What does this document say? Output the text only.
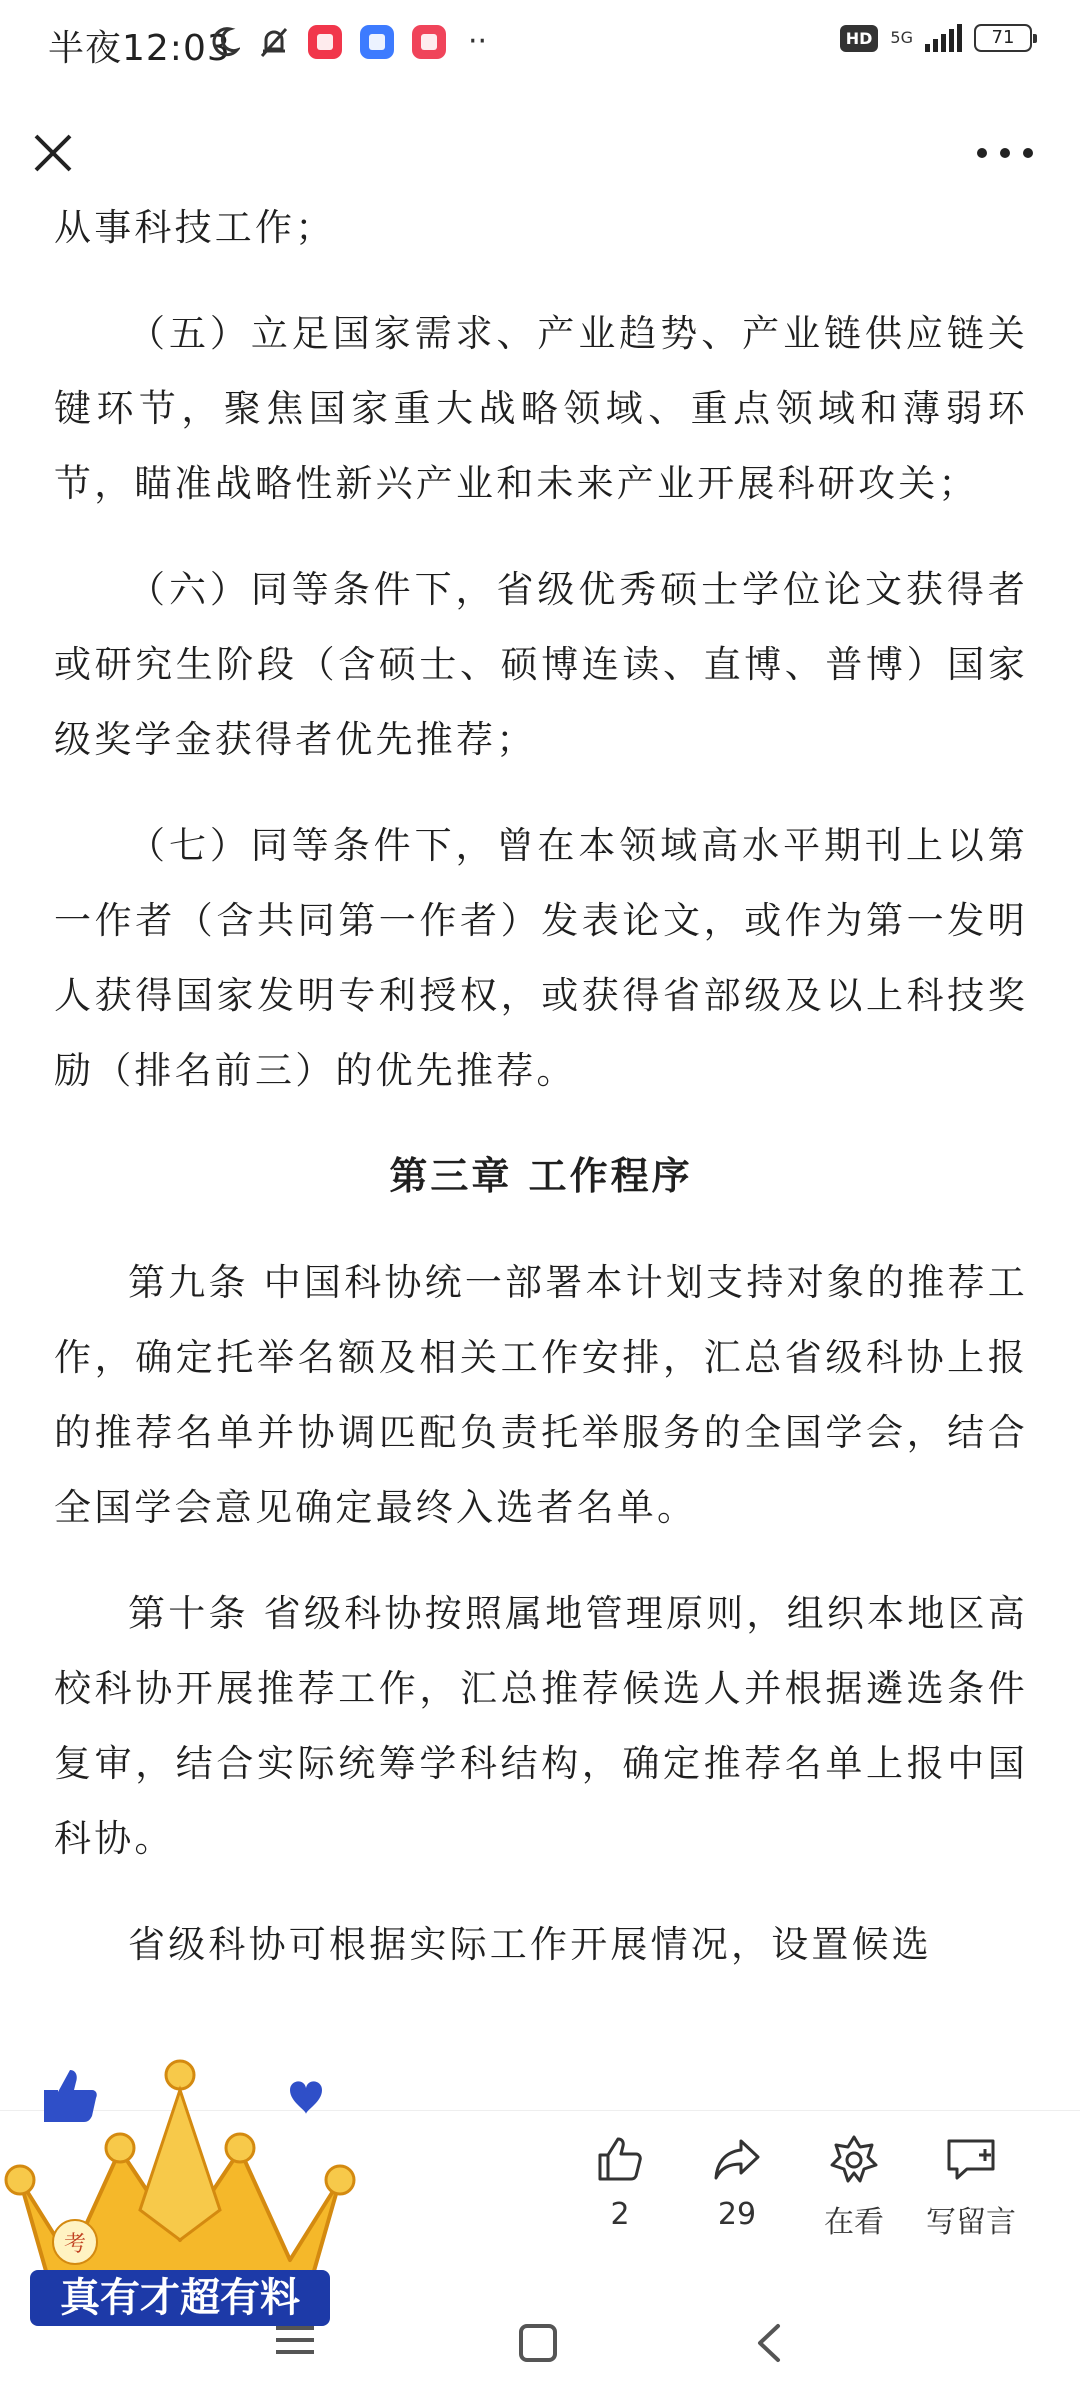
半夜12:03	··	HD	5G	71

从事科技工作；

（五）立足国家需求、产业趋势、产业链供应链关键环节，聚焦国家重大战略领域、重点领域和薄弱环节，瞄准战略性新兴产业和未来产业开展科研攻关；

（六）同等条件下，省级优秀硕士学位论文获得者或研究生阶段（含硕士、硕博连读、直博、普博）国家级奖学金获得者优先推荐；

（七）同等条件下，曾在本领域高水平期刊上以第一作者（含共同第一作者）发表论文，或作为第一发明人获得国家发明专利授权，或获得省部级及以上科技奖励（排名前三）的优先推荐。

第三章 工作程序

第九条 中国科协统一部署本计划支持对象的推荐工作，确定托举名额及相关工作安排，汇总省级科协上报的推荐名单并协调匹配负责托举服务的全国学会，结合全国学会意见确定最终入选者名单。

第十条 省级科协按照属地管理原则，组织本地区高校科协开展推荐工作，汇总推荐候选人并根据遴选条件复审，结合实际统筹学科结构，确定推荐名单上报中国科协。

省级科协可根据实际工作开展情况，设置候选

2	29	在看	写留言
考
真有才超有料
